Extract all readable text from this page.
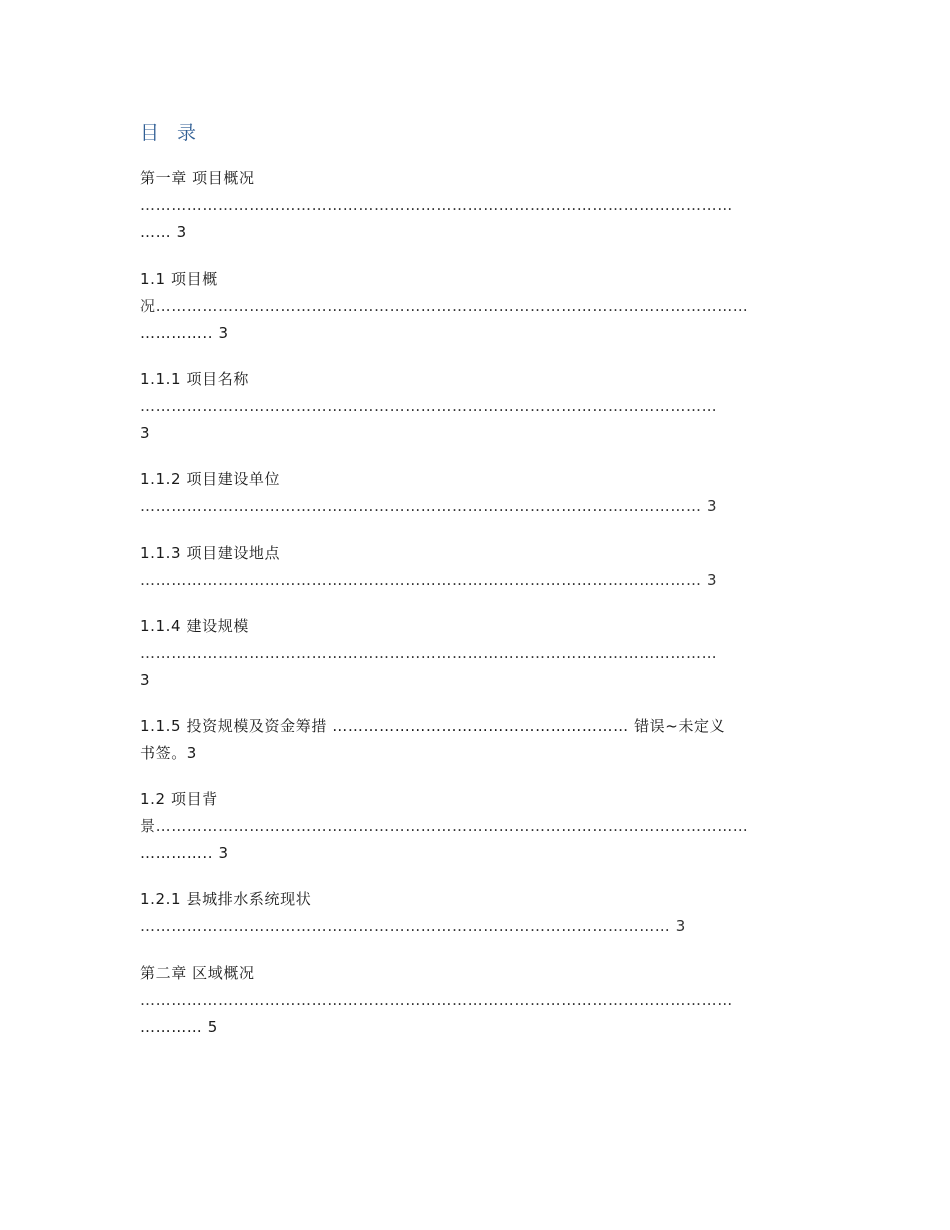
目 录
第一章 项目概况
……………………………………………………………………………………………………
…… 3
1.1 项目概
况……………………………………………………………………………………………………
………….. 3
1.1.1 项目名称
…………………………………………………………………………………………………
3
1.1.2 项目建设单位
……………………………………………………………………………………………… 3
1.1.3 项目建设地点
……………………………………………………………………………………………… 3
1.1.4 建设规模
…………………………………………………………………………………………………
3
1.1.5 投资规模及资金筹措 ………………………………………………… 错误~未定义
书签。3
1.2 项目背
景……………………………………………………………………………………………………
………….. 3
1.2.1 县城排水系统现状
………………………………………………………………………………………… 3
第二章 区域概况
……………………………………………………………………………………………………
………… 5
